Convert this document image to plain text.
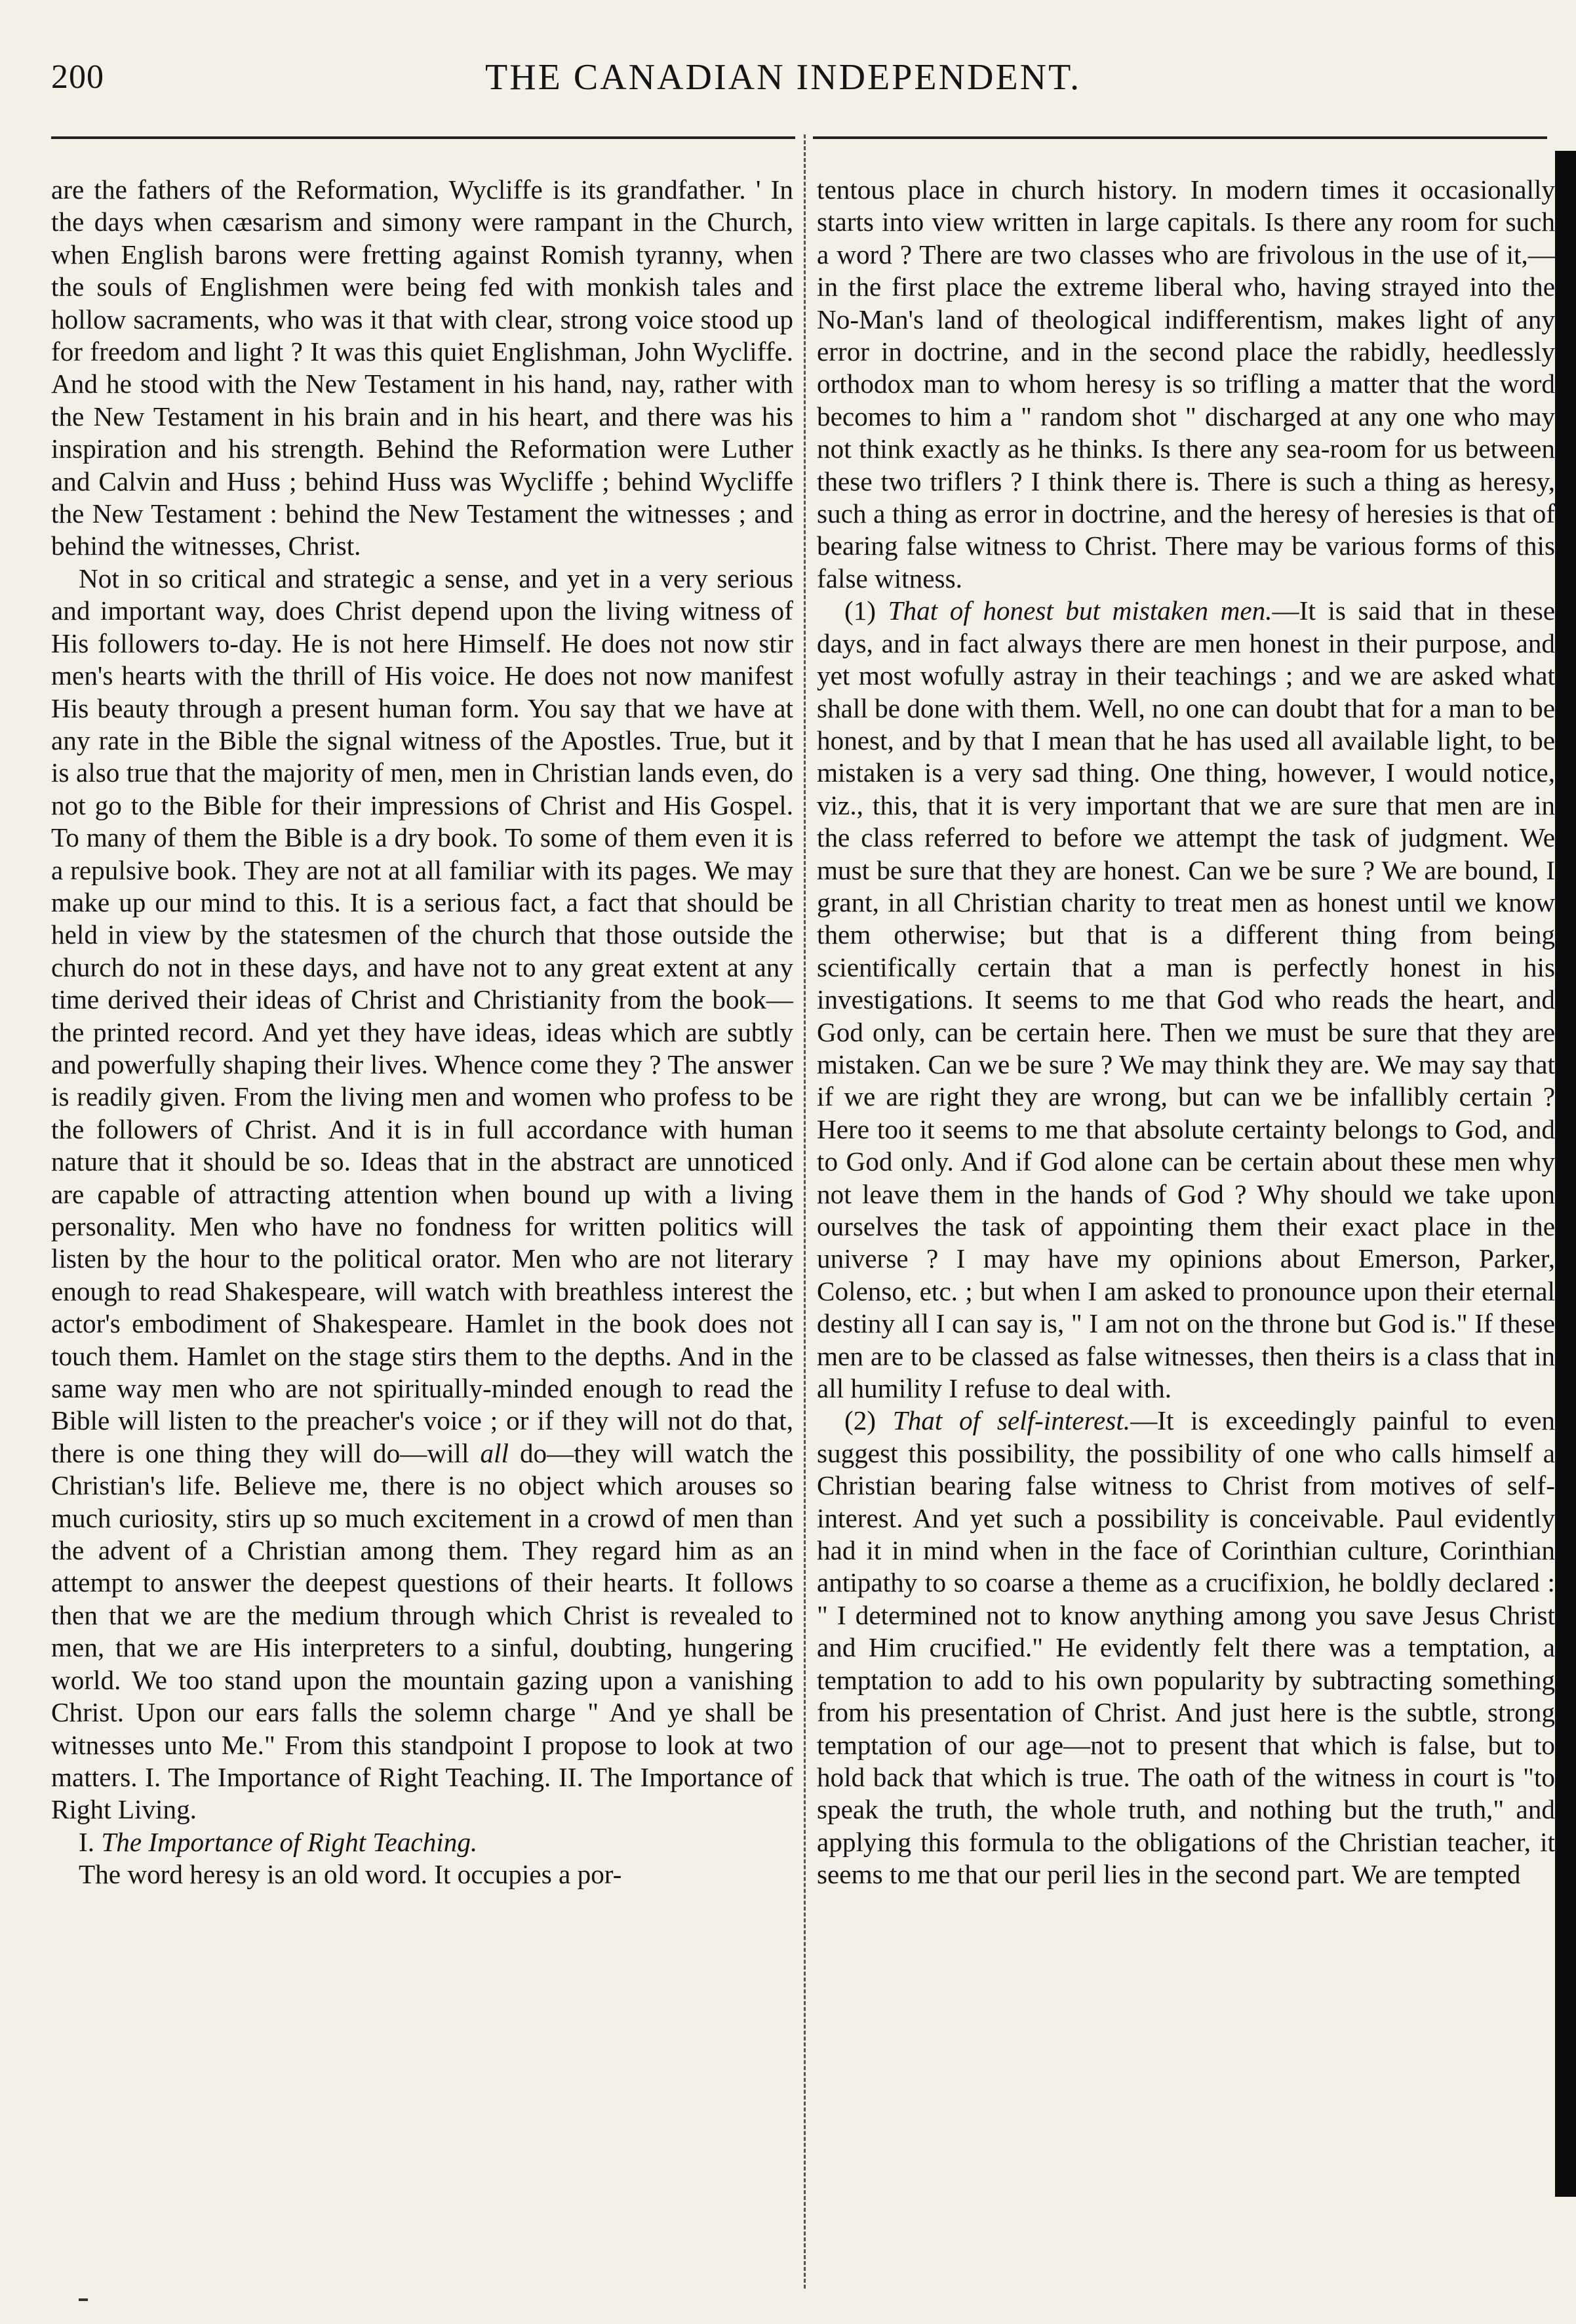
200	THE CANADIAN INDEPENDENT.

are the fathers of the Reformation, Wycliffe is its grandfather. ' In the days when cæsarism and simony were rampant in the Church, when English barons were fretting against Romish tyranny, when the souls of Englishmen were being fed with monkish tales and hollow sacraments, who was it that with clear, strong voice stood up for freedom and light ? It was this quiet Englishman, John Wycliffe. And he stood with the New Testament in his hand, nay, rather with the New Testament in his brain and in his heart, and there was his inspiration and his strength. Behind the Reformation were Luther and Calvin and Huss ; behind Huss was Wycliffe ; behind Wycliffe the New Testament : behind the New Testament the witnesses ; and behind the witnesses, Christ.

Not in so critical and strategic a sense, and yet in a very serious and important way, does Christ depend upon the living witness of His followers to-day. He is not here Himself. He does not now stir men's hearts with the thrill of His voice. He does not now manifest His beauty through a present human form. You say that we have at any rate in the Bible the signal witness of the Apostles. True, but it is also true that the majority of men, men in Christian lands even, do not go to the Bible for their impressions of Christ and His Gospel. To many of them the Bible is a dry book. To some of them even it is a repulsive book. They are not at all familiar with its pages. We may make up our mind to this. It is a serious fact, a fact that should be held in view by the statesmen of the church that those outside the church do not in these days, and have not to any great extent at any time derived their ideas of Christ and Christianity from the book—the printed record. And yet they have ideas, ideas which are subtly and powerfully shaping their lives. Whence come they ? The answer is readily given. From the living men and women who profess to be the followers of Christ. And it is in full accordance with human nature that it should be so. Ideas that in the abstract are unnoticed are capable of attracting attention when bound up with a living personality. Men who have no fondness for written politics will listen by the hour to the political orator. Men who are not literary enough to read Shakespeare, will watch with breathless interest the actor's embodiment of Shakespeare. Hamlet in the book does not touch them. Hamlet on the stage stirs them to the depths. And in the same way men who are not spiritually-minded enough to read the Bible will listen to the preacher's voice ; or if they will not do that, there is one thing they will do—will all do—they will watch the Christian's life. Believe me, there is no object which arouses so much curiosity, stirs up so much excitement in a crowd of men than the advent of a Christian among them. They regard him as an attempt to answer the deepest questions of their hearts. It follows then that we are the medium through which Christ is revealed to men, that we are His interpreters to a sinful, doubting, hungering world. We too stand upon the mountain gazing upon a vanishing Christ. Upon our ears falls the solemn charge " And ye shall be witnesses unto Me." From this standpoint I propose to look at two matters. I. The Importance of Right Teaching. II. The Importance of Right Living.

I. The Importance of Right Teaching.

The word heresy is an old word. It occupies a por-

tentous place in church history. In modern times it occasionally starts into view written in large capitals. Is there any room for such a word ? There are two classes who are frivolous in the use of it,—in the first place the extreme liberal who, having strayed into the No-Man's land of theological indifferentism, makes light of any error in doctrine, and in the second place the rabidly, heedlessly orthodox man to whom heresy is so trifling a matter that the word becomes to him a " random shot " discharged at any one who may not think exactly as he thinks. Is there any sea-room for us between these two triflers ? I think there is. There is such a thing as heresy, such a thing as error in doctrine, and the heresy of heresies is that of bearing false witness to Christ. There may be various forms of this false witness.

(1) That of honest but mistaken men.—It is said that in these days, and in fact always there are men honest in their purpose, and yet most wofully astray in their teachings ; and we are asked what shall be done with them. Well, no one can doubt that for a man to be honest, and by that I mean that he has used all available light, to be mistaken is a very sad thing. One thing, however, I would notice, viz., this, that it is very important that we are sure that men are in the class referred to before we attempt the task of judgment. We must be sure that they are honest. Can we be sure ? We are bound, I grant, in all Christian charity to treat men as honest until we know them otherwise; but that is a different thing from being scientifically certain that a man is perfectly honest in his investigations. It seems to me that God who reads the heart, and God only, can be certain here. Then we must be sure that they are mistaken. Can we be sure ? We may think they are. We may say that if we are right they are wrong, but can we be infallibly certain ? Here too it seems to me that absolute certainty belongs to God, and to God only. And if God alone can be certain about these men why not leave them in the hands of God ? Why should we take upon ourselves the task of appointing them their exact place in the universe ? I may have my opinions about Emerson, Parker, Colenso, etc. ; but when I am asked to pronounce upon their eternal destiny all I can say is, " I am not on the throne but God is." If these men are to be classed as false witnesses, then theirs is a class that in all humility I refuse to deal with.

(2) That of self-interest.—It is exceedingly painful to even suggest this possibility, the possibility of one who calls himself a Christian bearing false witness to Christ from motives of self-interest. And yet such a possibility is conceivable. Paul evidently had it in mind when in the face of Corinthian culture, Corinthian antipathy to so coarse a theme as a crucifixion, he boldly declared : " I determined not to know anything among you save Jesus Christ and Him crucified." He evidently felt there was a temptation, a temptation to add to his own popularity by subtracting something from his presentation of Christ. And just here is the subtle, strong temptation of our age—not to present that which is false, but to hold back that which is true. The oath of the witness in court is "to speak the truth, the whole truth, and nothing but the truth," and applying this formula to the obligations of the Christian teacher, it seems to me that our peril lies in the second part. We are tempted
